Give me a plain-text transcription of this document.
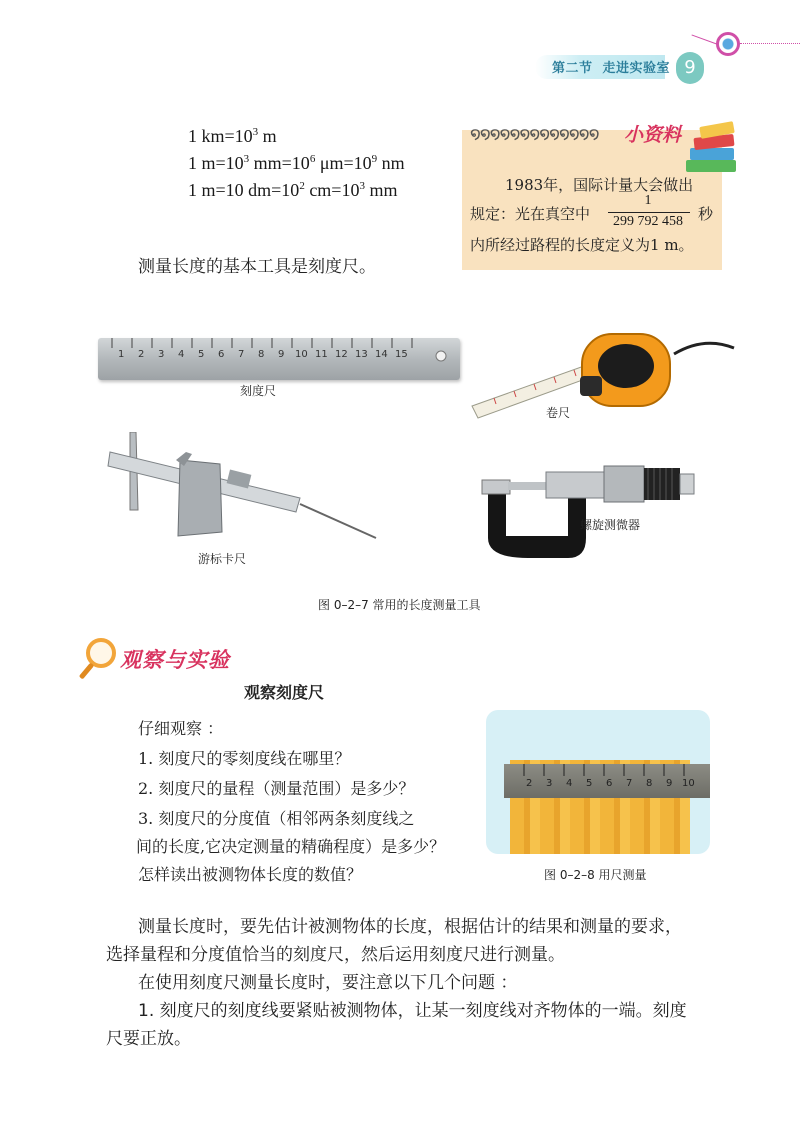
第二节 走进实验室 9
1 $km=10^3$ m
1 $m=10^3$ $mm=10^6$ $\mu m=10^9$ nm
1 m=10 $dm=10^2$ $cm=10^3$ mm
测量长度的基本工具是刻度尺。
໑໑໑໑໑໑໑໑໑໑໑໑໑ 小资料
1983年，国际计量大会做出
规定：光在真空中
1
299 792 458	秒
内所经过路程的长度定义为1 m。
1 2 3 4 5 6 7 8 9 10 11 12 13 14 15
刻度尺
卷尺
游标卡尺
螺旋测微器
图 0–2–7 常用的长度测量工具
观察与实验
观察刻度尺
仔细观察 ：
1. 刻度尺的零刻度线在哪里？
2. 刻度尺的量程（测量范围）是多少？
3. 刻度尺的分度值（相邻两条刻度线之
间的长度,它决定测量的精确程度）是多少？
怎样读出被测物体长度的数值？
2 3 4 5 6 7 8 9 10
图 0–2–8 用尺测量
测量长度时，要先估计被测物体的长度，根据估计的结果和测量的要求，
选择量程和分度值恰当的刻度尺，然后运用刻度尺进行测量。
在使用刻度尺测量长度时，要注意以下几个问题 ：
1. 刻度尺的刻度线要紧贴被测物体，让某一刻度线对齐物体的一端。刻度
尺要正放。
